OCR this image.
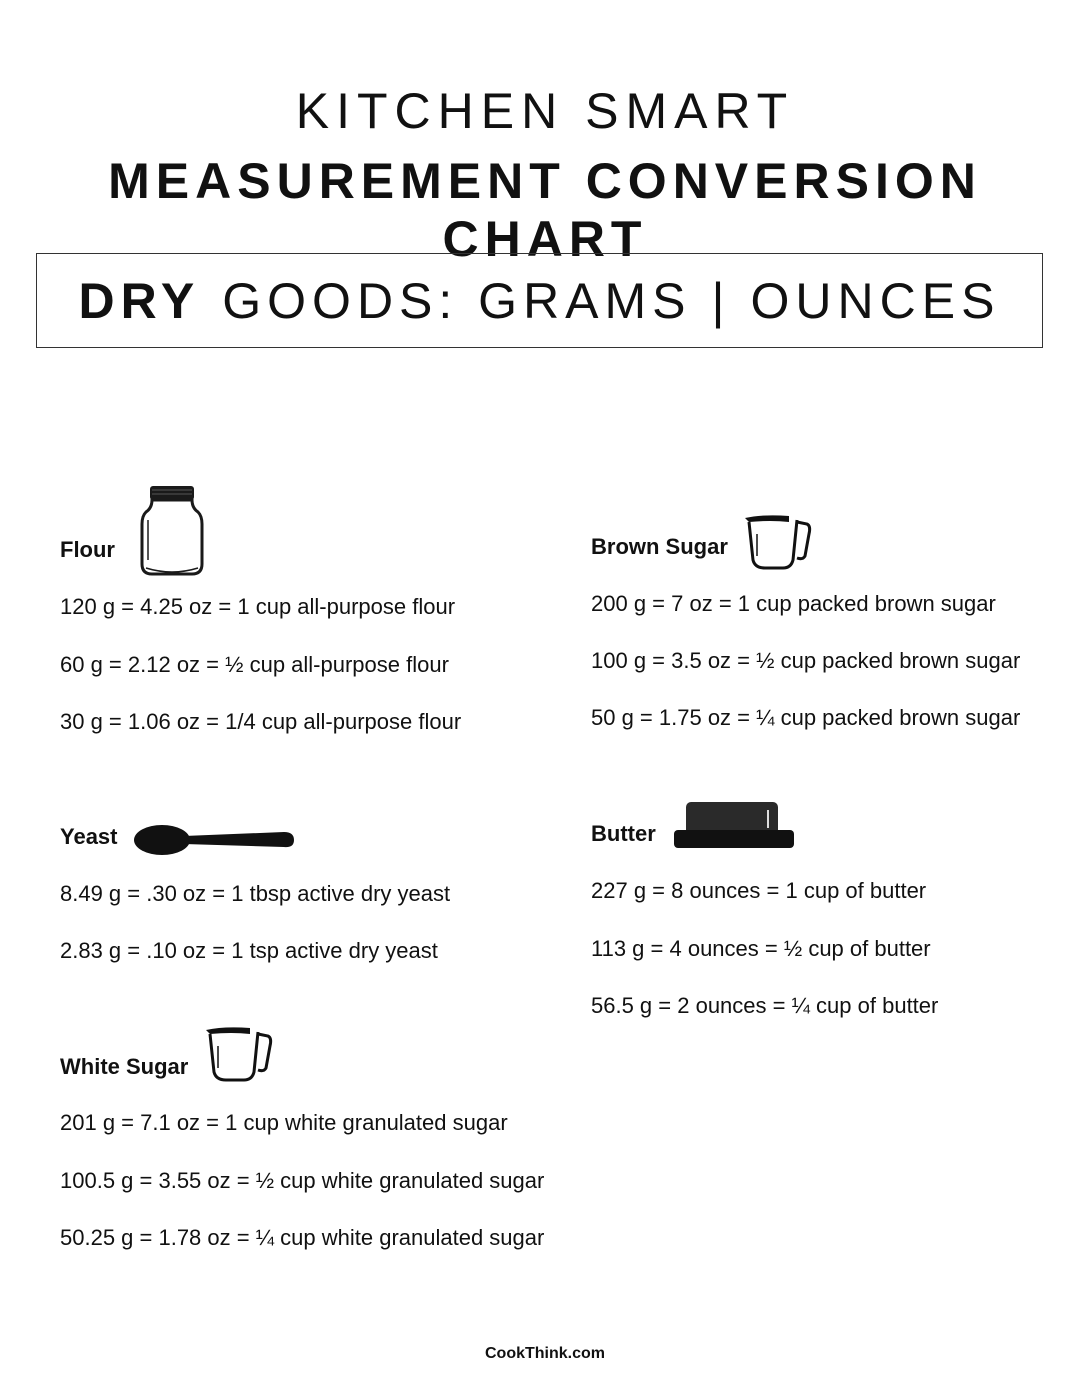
KITCHEN SMART
MEASUREMENT CONVERSION CHART
DRY GOODS: GRAMS | OUNCES
Flour
120 g = 4.25 oz = 1 cup all-purpose flour
60 g = 2.12 oz = ½ cup all-purpose flour
30 g = 1.06 oz = 1/4 cup all-purpose flour
Yeast
8.49 g = .30 oz = 1 tbsp active dry yeast
2.83 g = .10 oz = 1 tsp active dry yeast
White Sugar
201 g = 7.1 oz = 1 cup white granulated sugar
100.5 g = 3.55 oz = ½ cup white granulated sugar
50.25 g = 1.78 oz = ¼ cup white granulated sugar
Brown Sugar
200 g = 7 oz = 1 cup packed brown sugar
100 g = 3.5 oz = ½ cup packed brown sugar
50 g = 1.75 oz = ¼ cup packed brown sugar
Butter
227 g = 8 ounces = 1 cup of butter
113 g = 4 ounces = ½ cup of butter
56.5 g = 2 ounces = ¼ cup of butter
CookThink.com
